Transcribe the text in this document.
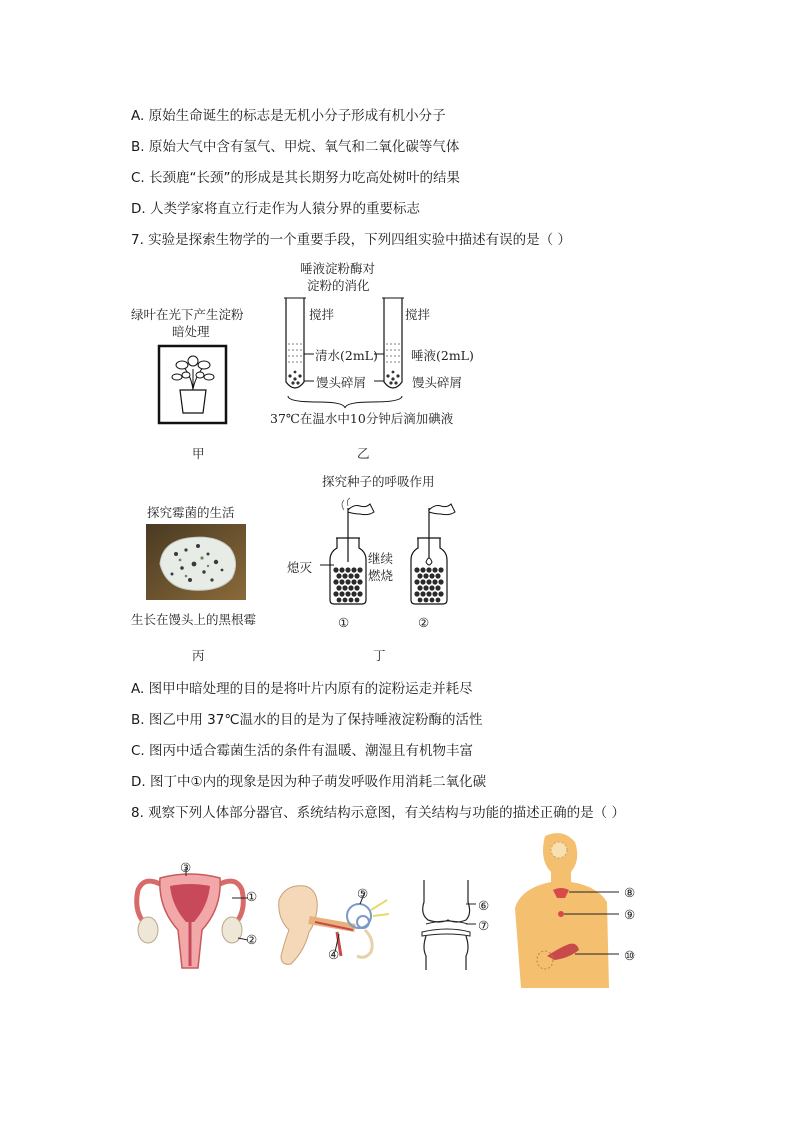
A. 原始生命诞生的标志是无机小分子形成有机小分子
B. 原始大气中含有氢气、甲烷、氧气和二氧化碳等气体
C. 长颈鹿“长颈”的形成是其长期努力吃高处树叶的结果
D. 人类学家将直立行走作为人猿分界的重要标志
7. 实验是探索生物学的一个重要手段，下列四组实验中描述有误的是（ ）
绿叶在光下产生淀粉
暗处理
甲
唾液淀粉酶对
淀粉的消化
搅拌	搅拌
清水(2mL)	唾液(2mL)
馒头碎屑	馒头碎屑
37℃在温水中10分钟后滴加碘液
乙
探究霉菌的生活
生长在馒头上的黑根霉
丙
探究种子的呼吸作用
熄灭
继续
燃烧
①	②
丁
A. 图甲中暗处理的目的是将叶片内原有的淀粉运走并耗尽
B. 图乙中用 37℃温水的目的是为了保持唾液淀粉酶的活性
C. 图丙中适合霉菌生活的条件有温暖、潮湿且有机物丰富
D. 图丁中①内的现象是因为种子萌发呼吸作用消耗二氧化碳
8. 观察下列人体部分器官、系统结构示意图，有关结构与功能的描述正确的是（ ）
③
①
②
⑤
④
⑥
⑦
⑧
⑨
⑩
